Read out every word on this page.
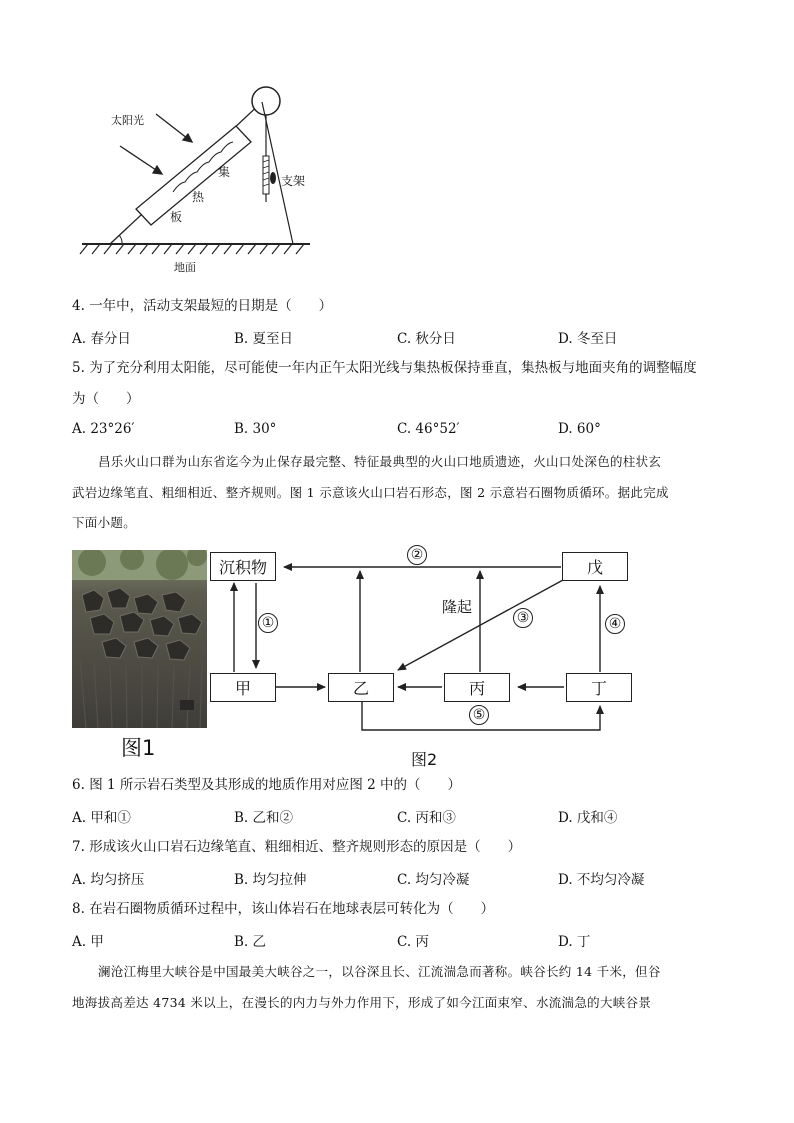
太阳光
集
热
板
支架
地面
4. 一年中，活动支架最短的日期是（　　）
A. 春分日	B. 夏至日	C. 秋分日	D. 冬至日
5. 为了充分利用太阳能，尽可能使一年内正午太阳光线与集热板保持垂直，集热板与地面夹角的调整幅度
为（　　）
A. 23°26′	B. 30°	C. 46°52′	D. 60°
昌乐火山口群为山东省迄今为止保存最完整、特征最典型的火山口地质遗迹，火山口处深色的柱状玄
武岩边缘笔直、粗细相近、整齐规则。图 1 示意该火山口岩石形态，图 2 示意岩石圈物质循环。据此完成
下面小题。
图1
沉积物	戊
甲	乙	丙	丁
②
①	③	④
⑤
隆起
图2
6. 图 1 所示岩石类型及其形成的地质作用对应图 2 中的（　　）
A. 甲和①	B. 乙和②	C. 丙和③	D. 戊和④
7. 形成该火山口岩石边缘笔直、粗细相近、整齐规则形态的原因是（　　）
A. 均匀挤压	B. 均匀拉伸	C. 均匀冷凝	D. 不均匀冷凝
8. 在岩石圈物质循环过程中，该山体岩石在地球表层可转化为（　　）
A. 甲	B. 乙	C. 丙	D. 丁
澜沧江梅里大峡谷是中国最美大峡谷之一，以谷深且长、江流湍急而著称。峡谷长约 14 千米，但谷
地海拔高差达 4734 米以上，在漫长的内力与外力作用下，形成了如今江面束窄、水流湍急的大峡谷景
